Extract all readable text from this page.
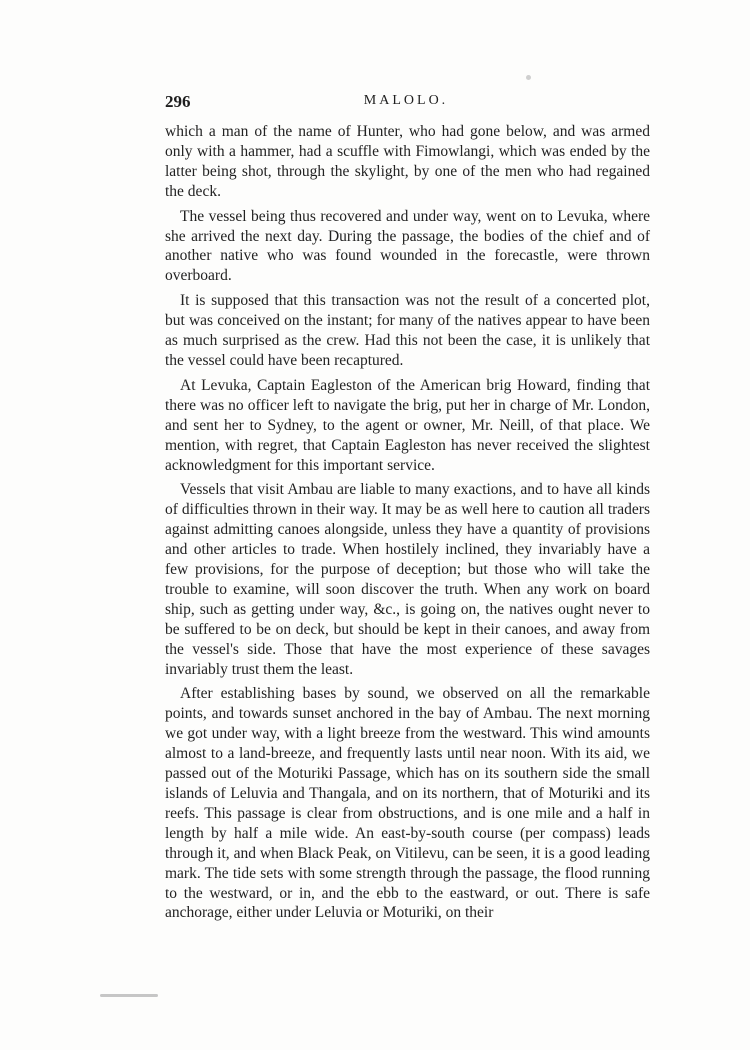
296	MALOLO.

which a man of the name of Hunter, who had gone below, and was armed only with a hammer, had a scuffle with Fimowlangi, which was ended by the latter being shot, through the skylight, by one of the men who had regained the deck.

The vessel being thus recovered and under way, went on to Levuka, where she arrived the next day. During the passage, the bodies of the chief and of another native who was found wounded in the forecastle, were thrown overboard.

It is supposed that this transaction was not the result of a concerted plot, but was conceived on the instant; for many of the natives appear to have been as much surprised as the crew. Had this not been the case, it is unlikely that the vessel could have been recaptured.

At Levuka, Captain Eagleston of the American brig Howard, finding that there was no officer left to navigate the brig, put her in charge of Mr. London, and sent her to Sydney, to the agent or owner, Mr. Neill, of that place. We mention, with regret, that Captain Eagleston has never received the slightest acknowledgment for this important service.

Vessels that visit Ambau are liable to many exactions, and to have all kinds of difficulties thrown in their way. It may be as well here to caution all traders against admitting canoes alongside, unless they have a quantity of provisions and other articles to trade. When hostilely inclined, they invariably have a few provisions, for the purpose of deception; but those who will take the trouble to examine, will soon discover the truth. When any work on board ship, such as getting under way, &c., is going on, the natives ought never to be suffered to be on deck, but should be kept in their canoes, and away from the vessel's side. Those that have the most experience of these savages invariably trust them the least.

After establishing bases by sound, we observed on all the remarkable points, and towards sunset anchored in the bay of Ambau. The next morning we got under way, with a light breeze from the westward. This wind amounts almost to a land-breeze, and frequently lasts until near noon. With its aid, we passed out of the Moturiki Passage, which has on its southern side the small islands of Leluvia and Thangala, and on its northern, that of Moturiki and its reefs. This passage is clear from obstructions, and is one mile and a half in length by half a mile wide. An east-by-south course (per compass) leads through it, and when Black Peak, on Vitilevu, can be seen, it is a good leading mark. The tide sets with some strength through the passage, the flood running to the westward, or in, and the ebb to the eastward, or out. There is safe anchorage, either under Leluvia or Moturiki, on their
